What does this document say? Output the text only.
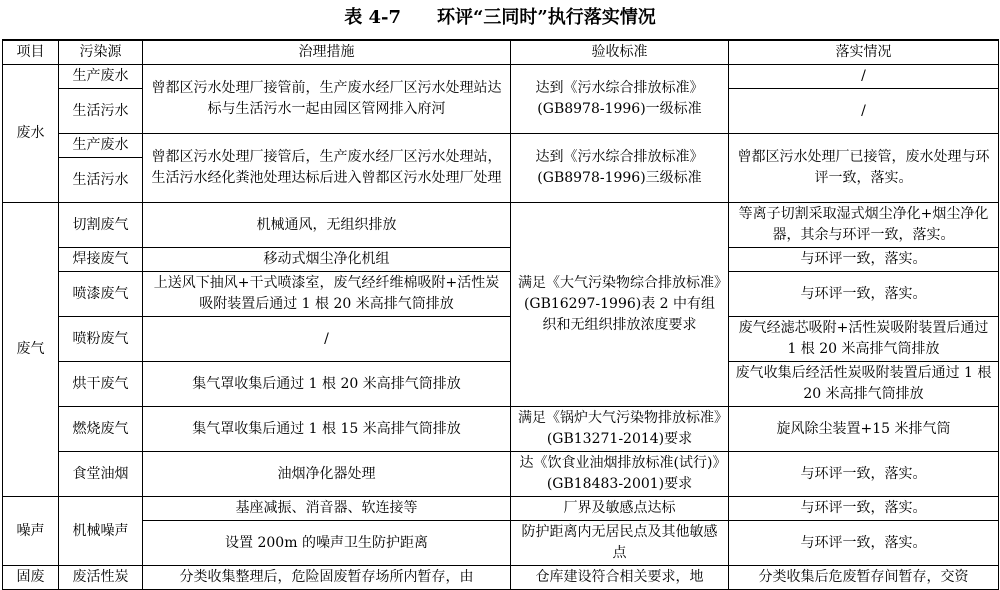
表 4-7 环评“三同时”执行落实情况
项目	污染源	治理措施	验收标准	落实情况
废水	生产废水	曾都区污水处理厂接管前，生产废水经厂区污水处理站达标与生活污水一起由园区管网排入府河	达到《污水综合排放标准》(GB8978-1996)一级标准	/
	生活污水			/
	生产废水	曾都区污水处理厂接管后，生产废水经厂区污水处理站，生活污水经化粪池处理达标后进入曾都区污水处理厂处理	达到《污水综合排放标准》(GB8978-1996)三级标准	曾都区污水处理厂已接管，废水处理与环评一致，落实。
	生活污水			
废气	切割废气	机械通风，无组织排放	满足《大气污染物综合排放标准》(GB16297-1996)表 2 中有组织和无组织排放浓度要求	等离子切割采取湿式烟尘净化+烟尘净化器，其余与环评一致，落实。
	焊接废气	移动式烟尘净化机组		与环评一致，落实。
	喷漆废气	上送风下抽风+干式喷漆室，废气经纤维棉吸附+活性炭吸附装置后通过 1 根 20 米高排气筒排放		与环评一致，落实。
	喷粉废气	/		废气经滤芯吸附+活性炭吸附装置后通过 1 根 20 米高排气筒排放
	烘干废气	集气罩收集后通过 1 根 20 米高排气筒排放		废气收集后经活性炭吸附装置后通过 1 根 20 米高排气筒排放
	燃烧废气	集气罩收集后通过 1 根 15 米高排气筒排放	满足《锅炉大气污染物排放标准》(GB13271-2014)要求	旋风除尘装置+15 米排气筒
	食堂油烟	油烟净化器处理	达《饮食业油烟排放标准(试行)》(GB18483-2001)要求	与环评一致，落实。
噪声	机械噪声	基座减振、消音器、软连接等	厂界及敏感点达标	与环评一致，落实。
		设置 200m 的噪声卫生防护距离	防护距离内无居民点及其他敏感点	与环评一致，落实。
固废	废活性炭	分类收集整理后，危险固废暂存场所内暂存，由	仓库建设符合相关要求，地	分类收集后危废暂存间暂存，交资
